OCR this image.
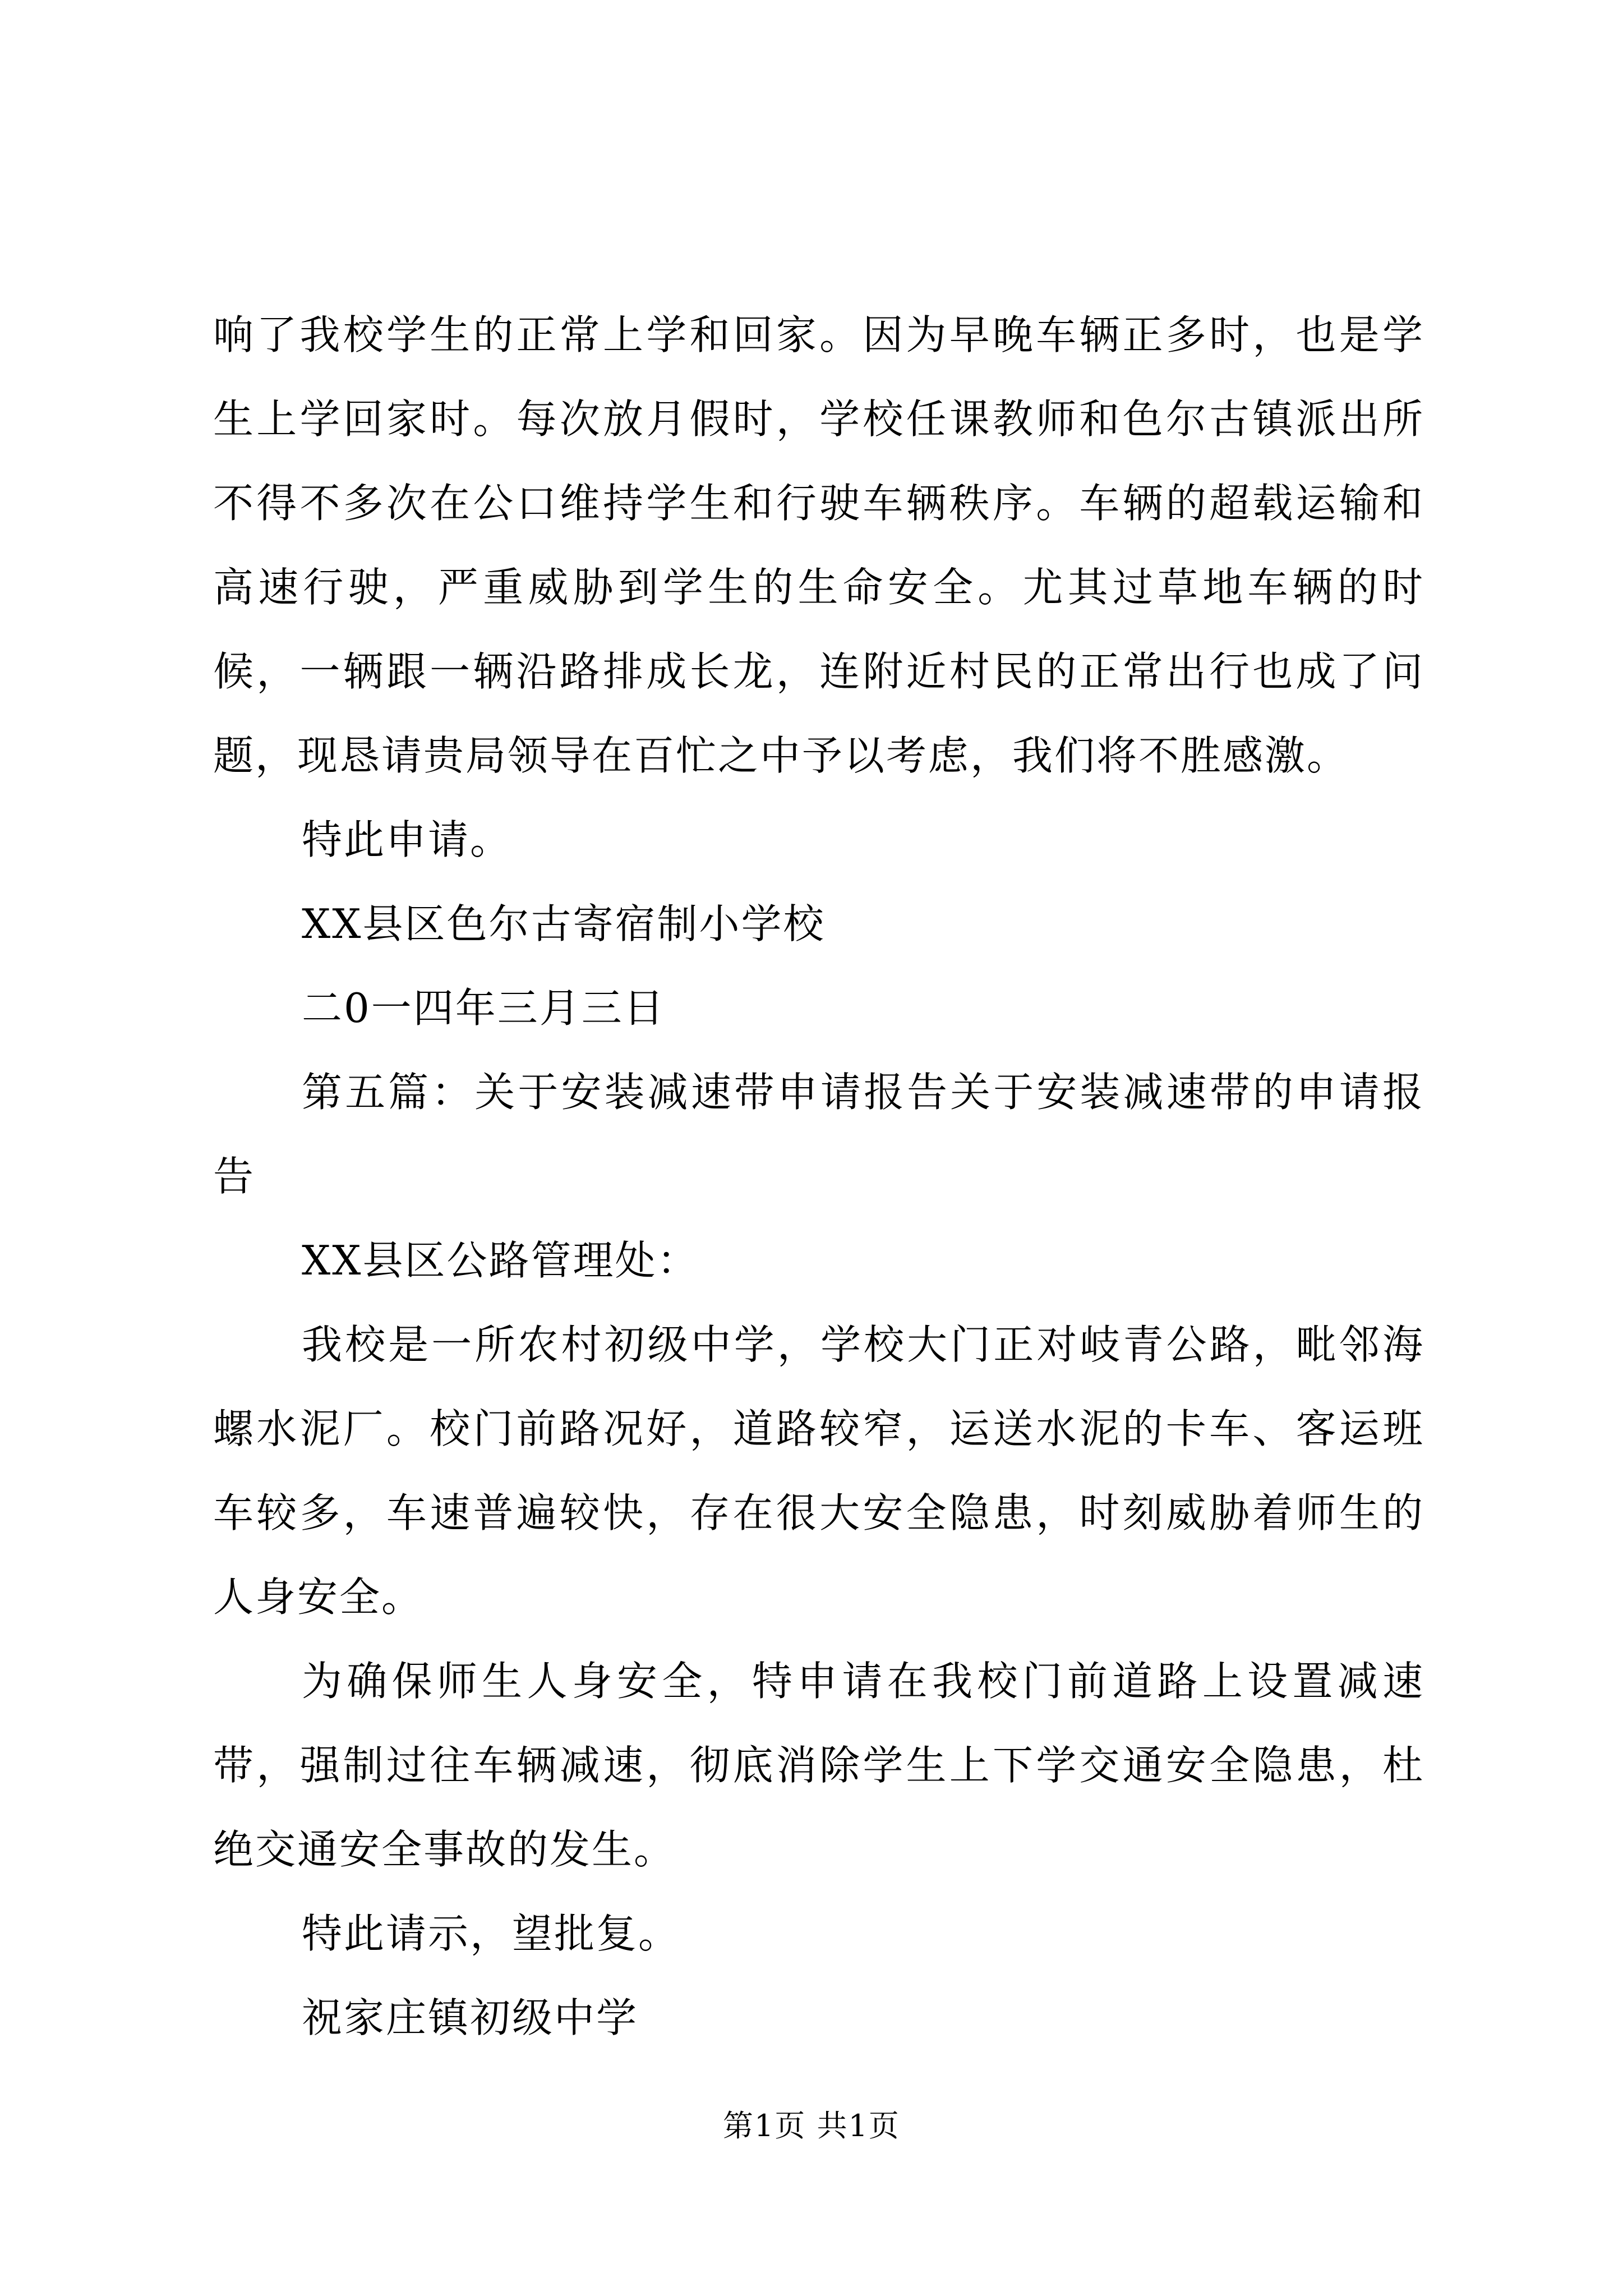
响了我校学生的正常上学和回家。因为早晚车辆正多时，也是学生上学回家时。每次放月假时，学校任课教师和色尔古镇派出所不得不多次在公口维持学生和行驶车辆秩序。车辆的超载运输和高速行驶，严重威胁到学生的生命安全。尤其过草地车辆的时候，一辆跟一辆沿路排成长龙，连附近村民的正常出行也成了问题，现恳请贵局领导在百忙之中予以考虑，我们将不胜感激。

特此申请。

XX县区色尔古寄宿制小学校

二0一四年三月三日

第五篇：关于安装减速带申请报告关于安装减速带的申请报告

XX县区公路管理处：

我校是一所农村初级中学，学校大门正对岐青公路，毗邻海螺水泥厂。校门前路况好，道路较窄，运送水泥的卡车、客运班车较多，车速普遍较快，存在很大安全隐患，时刻威胁着师生的人身安全。

为确保师生人身安全，特申请在我校门前道路上设置减速带，强制过往车辆减速，彻底消除学生上下学交通安全隐患，杜绝交通安全事故的发生。

特此请示，望批复。

祝家庄镇初级中学

第1页 共1页
